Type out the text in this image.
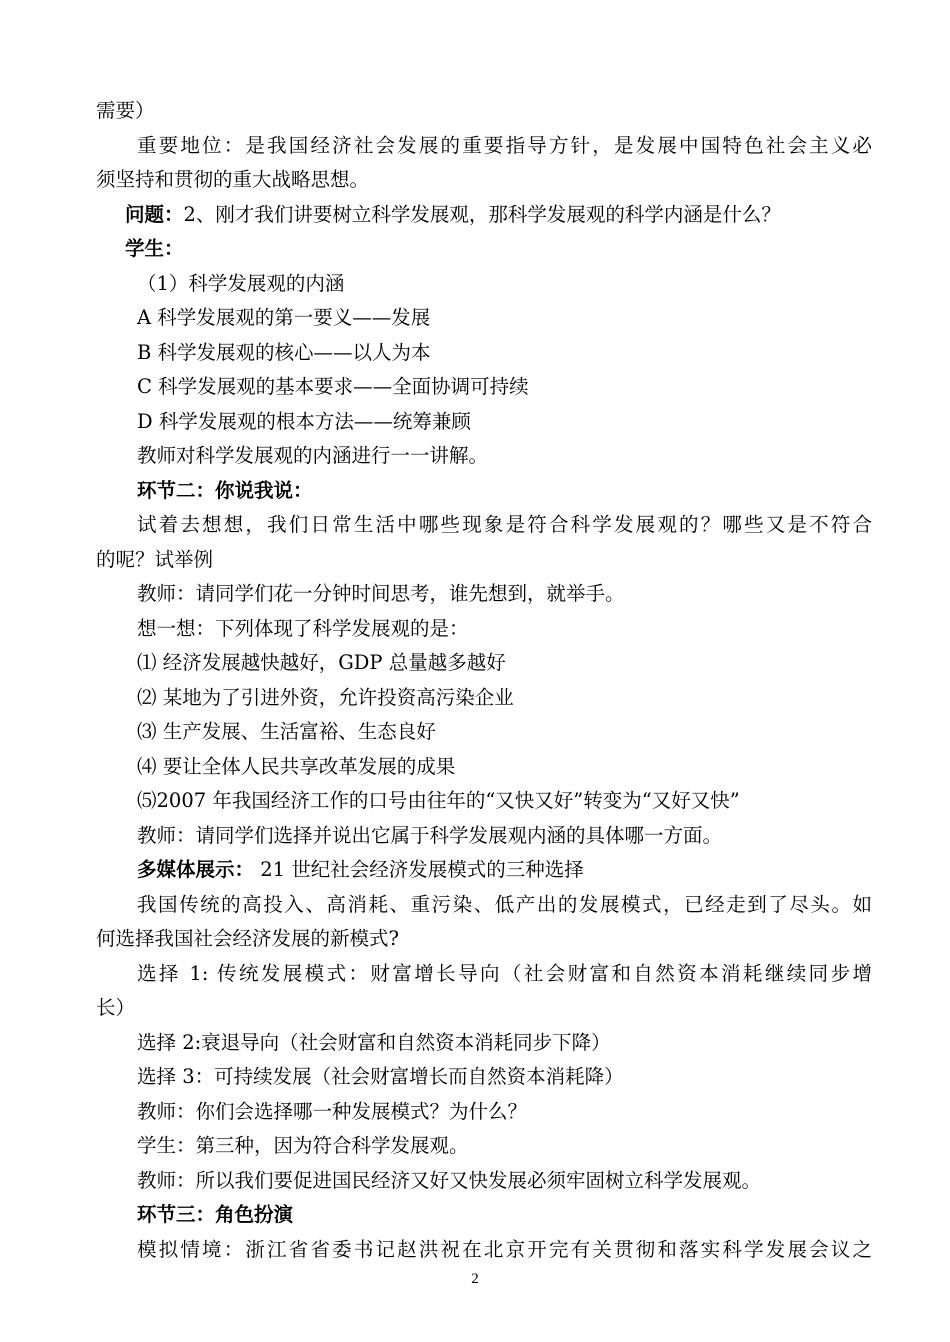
需要）

重要地位：是我国经济社会发展的重要指导方针，是发展中国特色社会主义必

须坚持和贯彻的重大战略思想。

问题：2、刚才我们讲要树立科学发展观，那科学发展观的科学内涵是什么？

学生：

（1）科学发展观的内涵

A 科学发展观的第一要义——发展

B 科学发展观的核心——以人为本

C 科学发展观的基本要求——全面协调可持续

D 科学发展观的根本方法——统筹兼顾

教师对科学发展观的内涵进行一一讲解。

环节二：你说我说：

试着去想想，我们日常生活中哪些现象是符合科学发展观的？哪些又是不符合

的呢？试举例

教师：请同学们花一分钟时间思考，谁先想到，就举手。

想一想：下列体现了科学发展观的是：

⑴ 经济发展越快越好，GDP 总量越多越好

⑵ 某地为了引进外资，允许投资高污染企业

⑶ 生产发展、生活富裕、生态良好

⑷ 要让全体人民共享改革发展的成果

⑸2007 年我国经济工作的口号由往年的“又快又好”转变为“又好又快”

教师：请同学们选择并说出它属于科学发展观内涵的具体哪一方面。

多媒体展示： 21 世纪社会经济发展模式的三种选择

我国传统的高投入、高消耗、重污染、低产出的发展模式，已经走到了尽头。如

何选择我国社会经济发展的新模式?

选择 1: 传统发展模式：财富增长导向（社会财富和自然资本消耗继续同步增

长）

选择 2:衰退导向（社会财富和自然资本消耗同步下降）

选择 3：可持续发展（社会财富增长而自然资本消耗降）

教师：你们会选择哪一种发展模式？为什么？

学生：第三种，因为符合科学发展观。

教师：所以我们要促进国民经济又好又快发展必须牢固树立科学发展观。

环节三：角色扮演

模拟情境：浙江省省委书记赵洪祝在北京开完有关贯彻和落实科学发展会议之

2
